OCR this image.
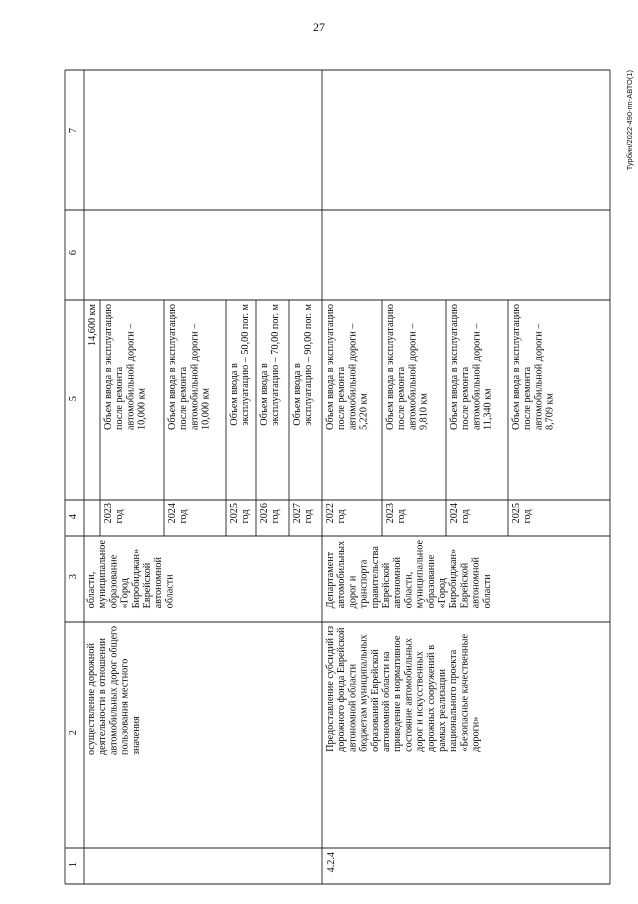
27
Турбин/2022-490-пп-АВТО(1)
7
6
5
4
3
2
1
осуществление дорожной деятельности в отношении автомобильных дорог общего пользования местного значения
области, муниципальное образование «Город Биробиджан» Еврейской автономной области
14,600 км
2023 год
Объем ввода в эксплуатацию после ремонта автомобильной дороги – 10,000 км
2024 год
Объем ввода в эксплуатацию после ремонта автомобильной дороги – 10,000 км
2025 год
Объем ввода в эксплуатацию – 50,00 пог. м
2026 год
Объем ввода в эксплуатацию – 70,00 пог. м
2027 год
Объем ввода в эксплуатацию – 90,00 пог. м
4.2.4
Предоставление субсидий из дорожного фонда Еврейской автономной области бюджетам муниципальных образований Еврейской автономной области на приведение в нормативное состояние автомобильных дорог и искусственных дорожных сооружений в рамках реализации национального проекта «Безопасные качественные дороги»
Департамент автомобильных дорог и транспорта правительства Еврейской автономной области, муниципальное образование «Город Биробиджан» Еврейской автономной области
2022 год
Объем ввода в эксплуатацию после ремонта автомобильной дороги – 5,220 км
2023 год
Объем ввода в эксплуатацию после ремонта автомобильной дороги – 9,810 км
2024 год
Объем ввода в эксплуатацию после ремонта автомобильной дороги – 11,340 км
2025 год
Объем ввода в эксплуатацию после ремонта автомобильной дороги – 8,709 км
